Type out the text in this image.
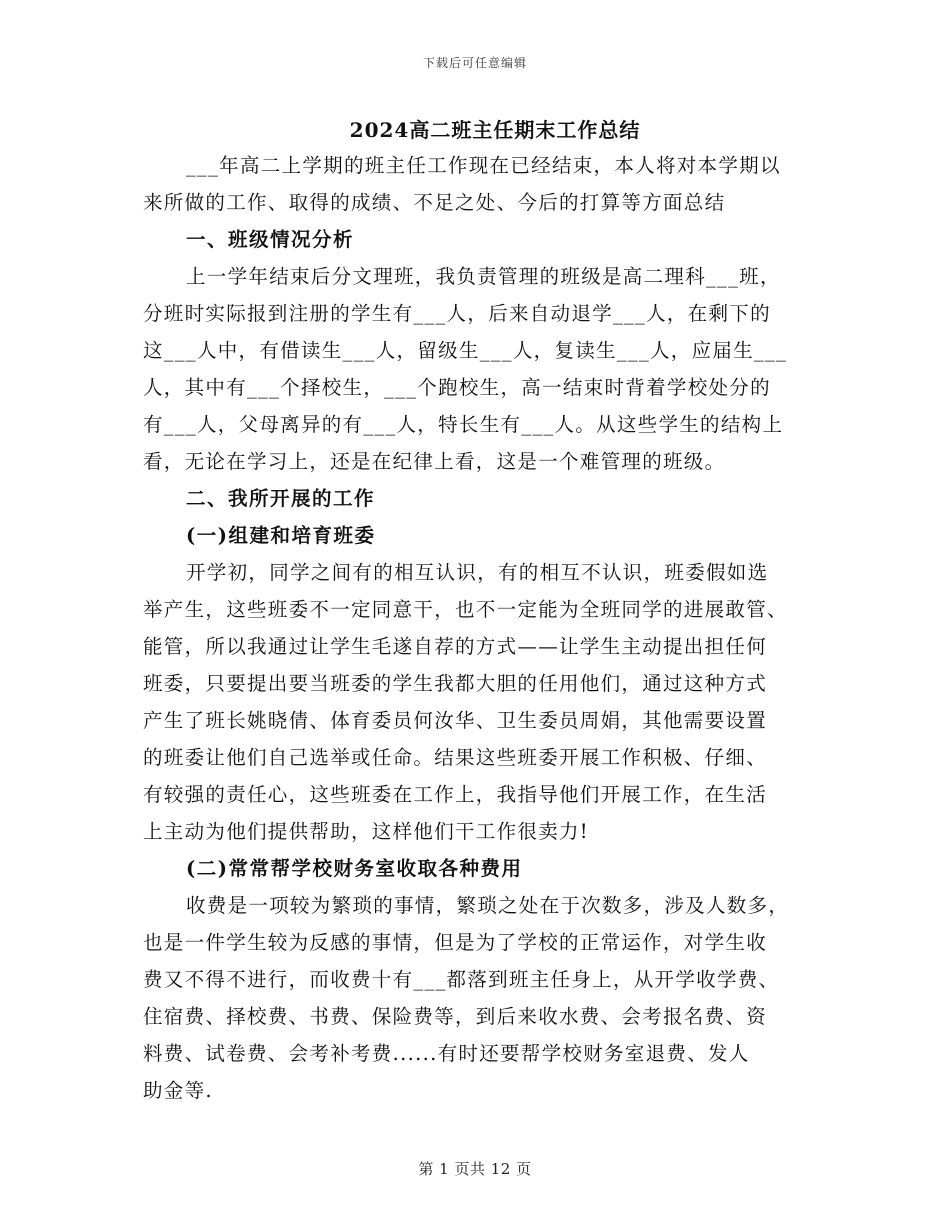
下载后可任意编辑
2024高二班主任期末工作总结
___年高二上学期的班主任工作现在已经结束，本人将对本学期以
来所做的工作、取得的成绩、不足之处、今后的打算等方面总结
一、班级情况分析
上一学年结束后分文理班，我负责管理的班级是高二理科___班，
分班时实际报到注册的学生有___人，后来自动退学___人，在剩下的
这___人中，有借读生___人，留级生___人，复读生___人，应届生___
人，其中有___个择校生，___个跑校生，高一结束时背着学校处分的
有___人，父母离异的有___人，特长生有___人。从这些学生的结构上
看，无论在学习上，还是在纪律上看，这是一个难管理的班级。
二、我所开展的工作
(一)组建和培育班委
开学初，同学之间有的相互认识，有的相互不认识，班委假如选
举产生，这些班委不一定同意干，也不一定能为全班同学的进展敢管、
能管，所以我通过让学生毛遂自荐的方式——让学生主动提出担任何
班委，只要提出要当班委的学生我都大胆的任用他们，通过这种方式
产生了班长姚晓倩、体育委员何汝华、卫生委员周娟，其他需要设置
的班委让他们自己选举或任命。结果这些班委开展工作积极、仔细、
有较强的责任心，这些班委在工作上，我指导他们开展工作，在生活
上主动为他们提供帮助，这样他们干工作很卖力!
(二)常常帮学校财务室收取各种费用
收费是一项较为繁琐的事情，繁琐之处在于次数多，涉及人数多，
也是一件学生较为反感的事情，但是为了学校的正常运作，对学生收
费又不得不进行，而收费十有___都落到班主任身上，从开学收学费、
住宿费、择校费、书费、保险费等，到后来收水费、会考报名费、资
料费、试卷费、会考补考费......有时还要帮学校财务室退费、发人
助金等.
第 1 页共 12 页
